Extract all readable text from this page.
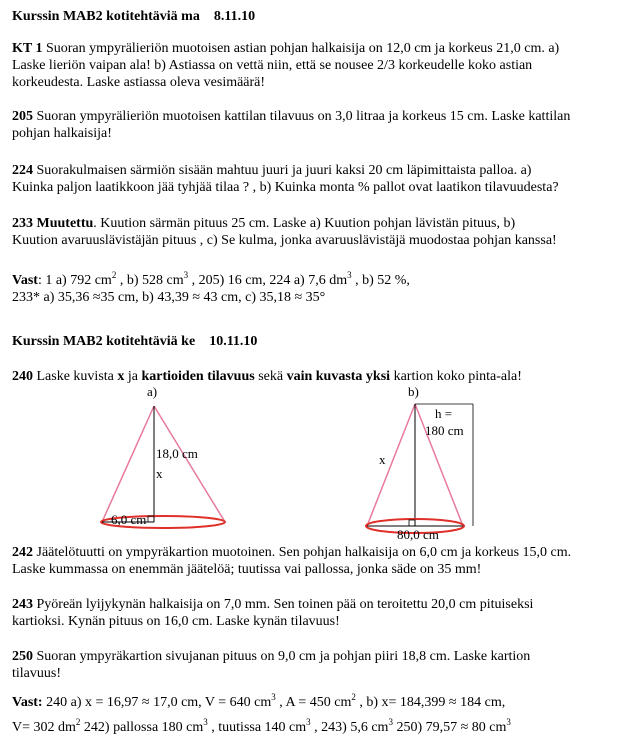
Kurssin MAB2 kotitehtäviä ma 8.11.10
KT 1 Suoran ympyrälieriön muotoisen astian pohjan halkaisija on 12,0 cm ja korkeus 21,0 cm. a)
Laske lieriön vaipan ala! b) Astiassa on vettä niin, että se nousee 2/3 korkeudelle koko astian
korkeudesta. Laske astiassa oleva vesimäärä!
205 Suoran ympyrälieriön muotoisen kattilan tilavuus on 3,0 litraa ja korkeus 15 cm. Laske kattilan
pohjan halkaisija!
224 Suorakulmaisen särmiön sisään mahtuu juuri ja juuri kaksi 20 cm läpimittaista palloa. a)
Kuinka paljon laatikkoon jää tyhjää tilaa ? , b) Kuinka monta % pallot ovat laatikon tilavuudesta?
233 Muutettu. Kuution särmän pituus 25 cm. Laske a) Kuution pohjan lävistän pituus, b)
Kuution avaruuslävistäjän pituus , c) Se kulma, jonka avaruuslävistäjä muodostaa pohjan kanssa!
Vast: 1 a) 792 $cm^2$ , b) 528 $cm^3$ , 205) 16 cm, 224 a) 7,6 $dm^3$ , b) 52 %,
233* a) 35,36 ≈35 cm, b) 43,39 ≈ 43 cm, c) 35,18 ≈ 35°
Kurssin MAB2 kotitehtäviä ke 10.11.10
240 Laske kuvista x ja kartioiden tilavuus sekä vain kuvasta yksi kartion koko pinta-ala!
a)
18,0 cm
x
6,0 cm
b)
h =
180 cm
x
80,0 cm
242 Jäätelötuutti on ympyräkartion muotoinen. Sen pohjan halkaisija on 6,0 cm ja korkeus 15,0 cm.
Laske kummassa on enemmän jäätelöä; tuutissa vai pallossa, jonka säde on 35 mm!
243 Pyöreän lyijykynän halkaisija on 7,0 mm. Sen toinen pää on teroitettu 20,0 cm pituiseksi
kartioksi. Kynän pituus on 16,0 cm. Laske kynän tilavuus!
250 Suoran ympyräkartion sivujanan pituus on 9,0 cm ja pohjan piiri 18,8 cm. Laske kartion
tilavuus!
Vast: 240 a) x = 16,97 ≈ 17,0 cm, V = 640 $cm^3$ , A = 450 $cm^2$ , b) x= 184,399 ≈ 184 cm,
V= 302 $dm^2$ 242) pallossa 180 $cm^3$ , tuutissa 140 $cm^3$ , 243) 5,6 $cm^3$ 250) 79,57 ≈ 80 $cm^3$
